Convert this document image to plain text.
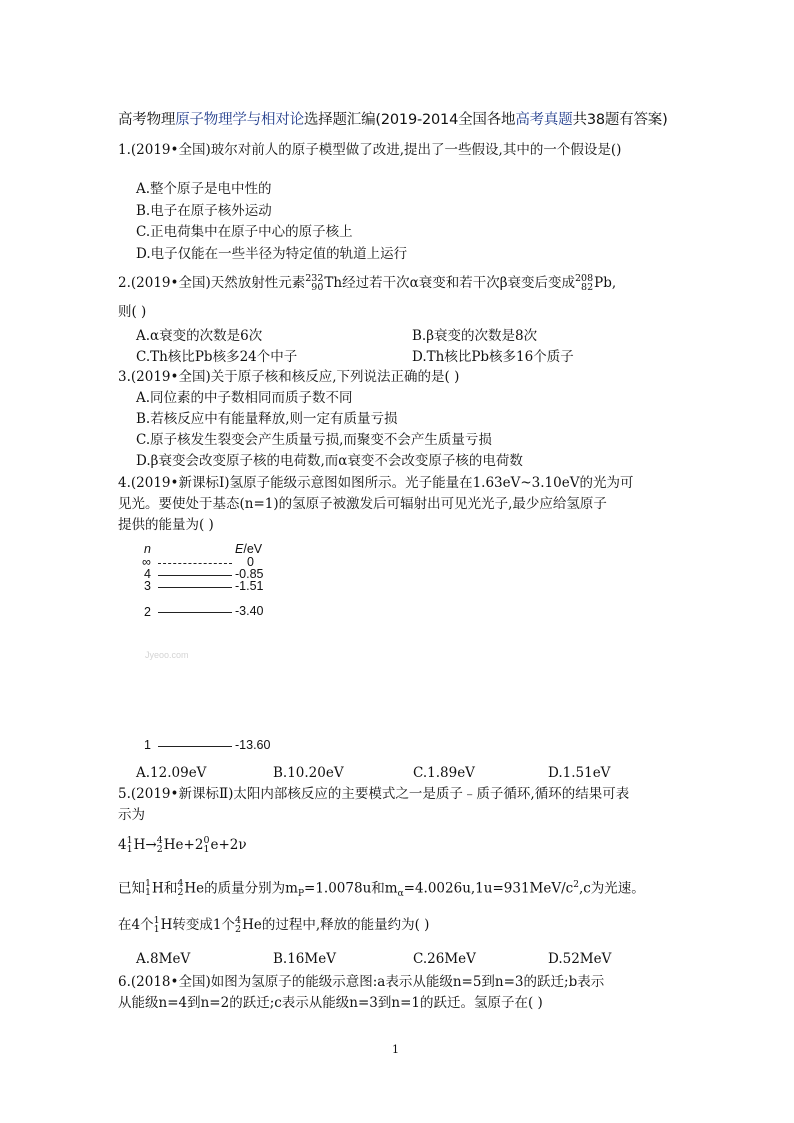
高考物理原子物理学与相对论选择题汇编(2019-2014全国各地高考真题共38题有答案)
1.(2019•全国)玻尔对前人的原子模型做了改进,提出了一些假设,其中的一个假设是()
A.整个原子是电中性的
B.电子在原子核外运动
C.正电荷集中在原子中心的原子核上
D.电子仅能在一些半径为特定值的轨道上运行
2.(2019•全国)天然放射性元素 232
90 Th经过若干次α衰变和若干次β衰变后变成 208
82 Pb,
则( )
A.α衰变的次数是6次	B.β衰变的次数是8次
C.Th核比Pb核多24个中子	D.Th核比Pb核多16个质子
3.(2019•全国)关于原子核和核反应,下列说法正确的是( )
A.同位素的中子数相同而质子数不同
B.若核反应中有能量释放,则一定有质量亏损
C.原子核发生裂变会产生质量亏损,而聚变不会产生质量亏损
D.β衰变会改变原子核的电荷数,而α衰变不会改变原子核的电荷数
4.(2019•新课标Ⅰ)氢原子能级示意图如图所示。光子能量在1.63eV~3.10eV的光为可
见光。要使处于基态(n=1)的氢原子被激发后可辐射出可见光光子,最少应给氢原子
提供的能量为( )
n	E/eV
∞	0
4	-0.85
3	-1.51
2	-3.40
1	-13.60
Jyeoo.com
A.12.09eV	B.10.20eV	C.1.89eV	D.1.51eV
5.(2019•新课标Ⅱ)太阳内部核反应的主要模式之一是质子﹣质子循环,循环的结果可表
示为
4 1
1 H→ 4
2 He+2 0
1 e+2ν
已知 1
1 H和 4
2 He的质量分别为$m_P=1.0078u$和$m_\alpha=4.0026u,1u=931MeV/c^2,c$为光速。
在4个 1
1 H转变成1个 4
2 He的过程中,释放的能量约为( )
A.8MeV	B.16MeV	C.26MeV	D.52MeV
6.(2018•全国)如图为氢原子的能级示意图:a表示从能级n=5到n=3的跃迁;b表示
从能级n=4到n=2的跃迁;c表示从能级n=3到n=1的跃迁。氢原子在( )
1
